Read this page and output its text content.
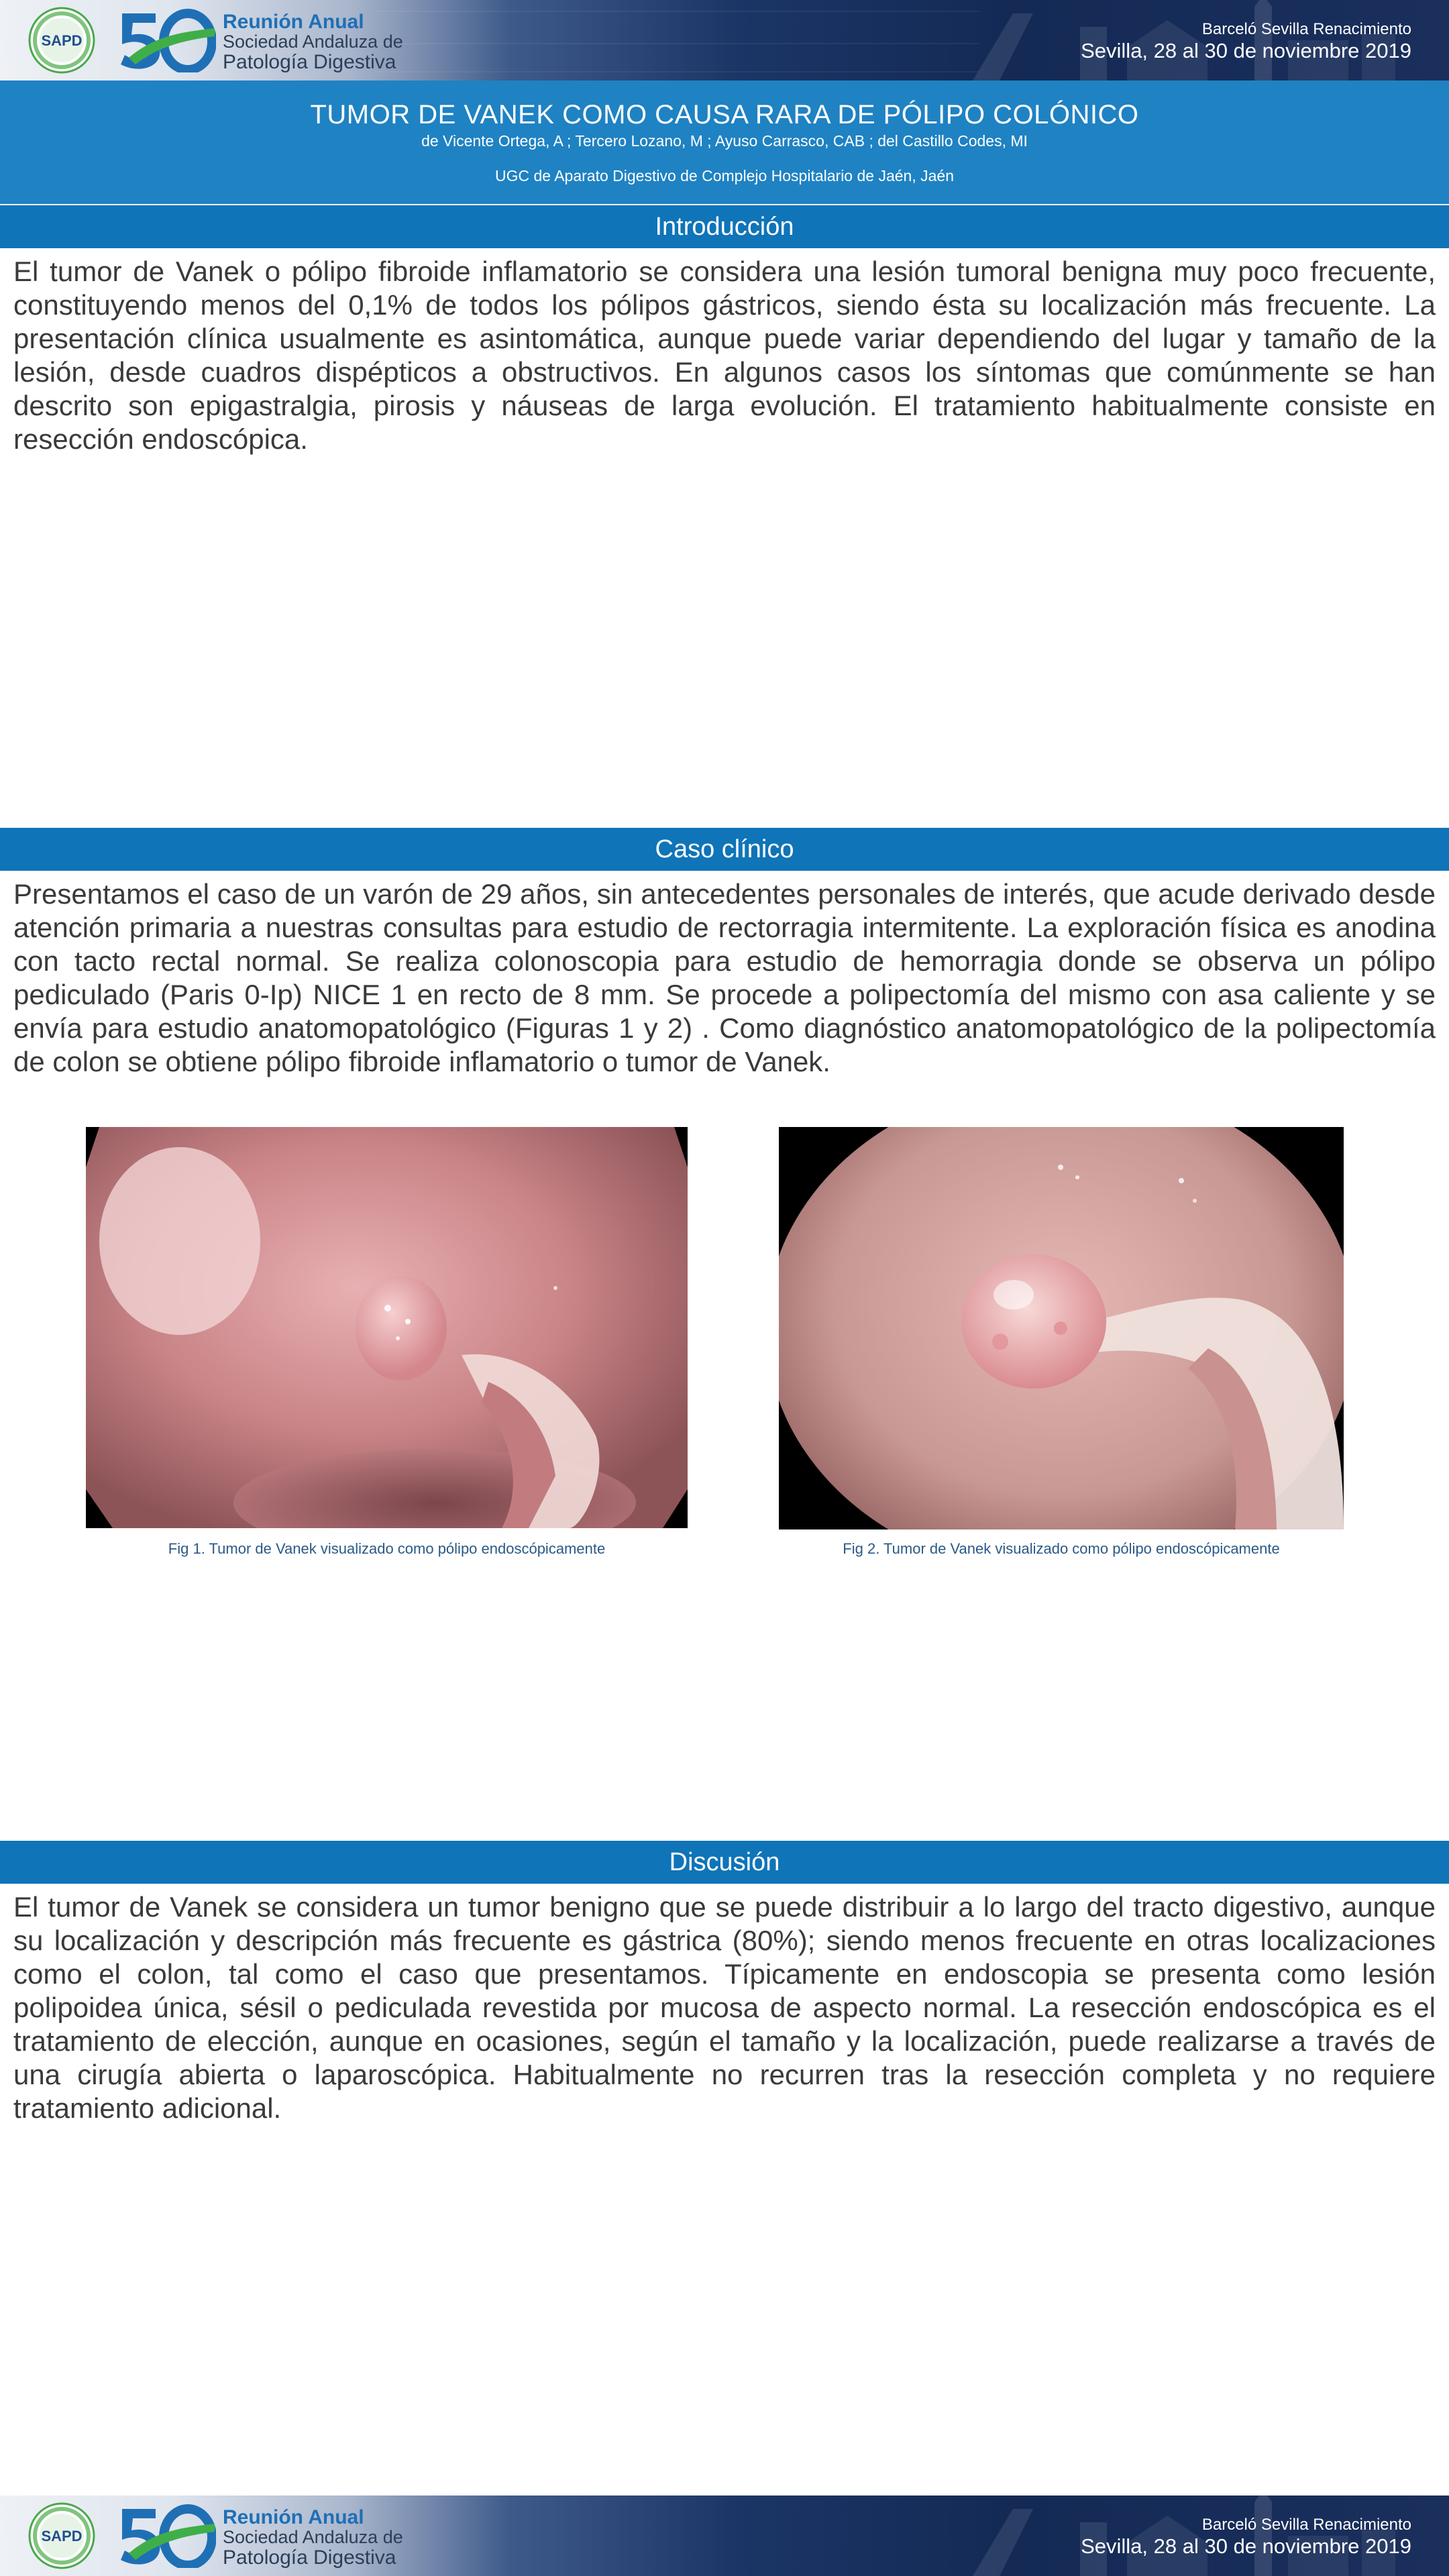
SAPD
Reunión Anual
Sociedad Andaluza de
Patología Digestiva
Barceló Sevilla Renacimiento
Sevilla, 28 al 30 de noviembre 2019
TUMOR DE VANEK COMO CAUSA RARA DE PÓLIPO COLÓNICO
de Vicente Ortega, A ; Tercero Lozano, M ; Ayuso Carrasco, CAB ; del Castillo Codes, MI
UGC de Aparato Digestivo de Complejo Hospitalario de Jaén, Jaén
Introducción
El tumor de Vanek o pólipo fibroide inflamatorio se considera una lesión tumoral benigna muy poco frecuente, constituyendo menos del 0,1% de todos los pólipos gástricos, siendo ésta su localización más frecuente. La presentación clínica usualmente es asintomática, aunque puede variar dependiendo del lugar y tamaño de la lesión, desde cuadros dispépticos a obstructivos. En algunos casos los síntomas que comúnmente se han descrito son epigastralgia, pirosis y náuseas de larga evolución. El tratamiento habitualmente consiste en resección endoscópica.
Caso clínico
Presentamos el caso de un varón de 29 años, sin antecedentes personales de interés, que acude derivado desde atención primaria a nuestras consultas para estudio de rectorragia intermitente. La exploración física es anodina con tacto rectal normal. Se realiza colonoscopia para estudio de hemorragia donde se observa un pólipo pediculado (Paris 0-Ip) NICE 1 en recto de 8 mm. Se procede a polipectomía del mismo con asa caliente y se envía para estudio anatomopatológico (Figuras 1 y 2) . Como diagnóstico anatomopatológico de la polipectomía de colon se obtiene pólipo fibroide inflamatorio o tumor de Vanek.
Fig 1. Tumor de Vanek visualizado como pólipo endoscópicamente	Fig 2. Tumor de Vanek visualizado como pólipo endoscópicamente
Discusión
El tumor de Vanek se considera un tumor benigno que se puede distribuir a lo largo del tracto digestivo, aunque su localización y descripción más frecuente es gástrica (80%); siendo menos frecuente en otras localizaciones como el colon, tal como el caso que presentamos. Típicamente en endoscopia se presenta como lesión polipoidea única, sésil o pediculada revestida por mucosa de aspecto normal. La resección endoscópica es el tratamiento de elección, aunque en ocasiones, según el tamaño y la localización, puede realizarse a través de una cirugía abierta o laparoscópica. Habitualmente no recurren tras la resección completa y no requiere tratamiento adicional.
SAPD
Reunión Anual
Sociedad Andaluza de
Patología Digestiva
Barceló Sevilla Renacimiento
Sevilla, 28 al 30 de noviembre 2019
